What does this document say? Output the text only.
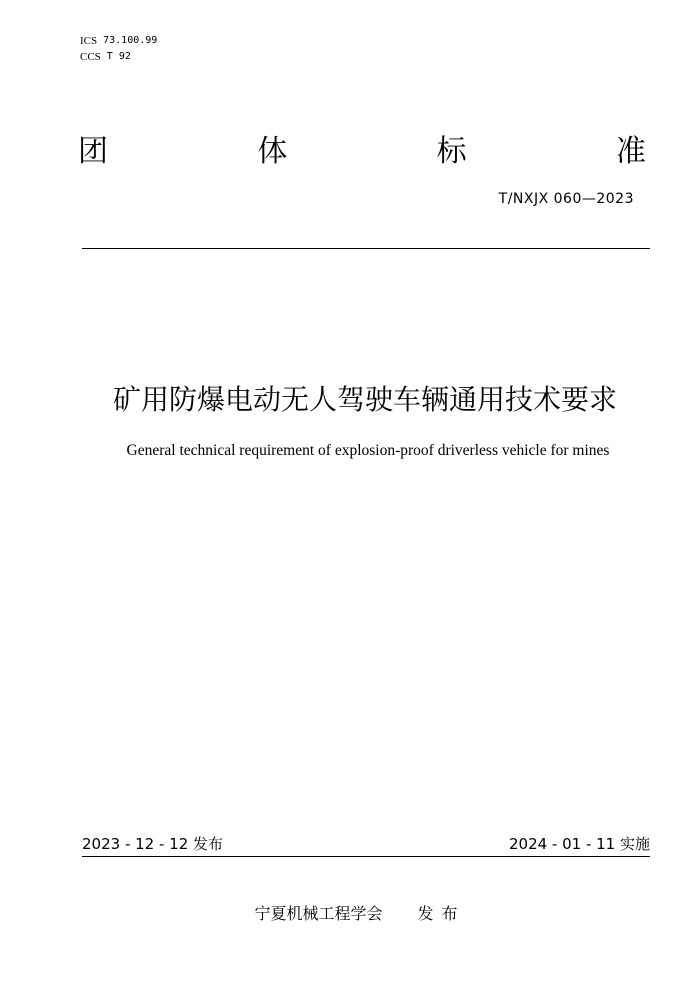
ICS 73.100.99
CCS T 92
团	体	标	准
T/NXJX 060—2023
矿用防爆电动无人驾驶车辆通用技术要求
General technical requirement of explosion-proof driverless vehicle for mines
2023 - 12 - 12 发布	2024 - 01 - 11 实施
宁夏机械工程学会 发布
